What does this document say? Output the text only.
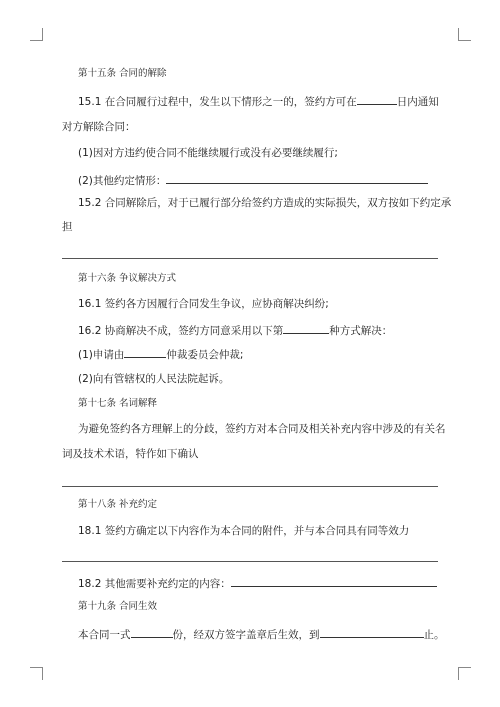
第十五条 合同的解除

15.1 在合同履行过程中，发生以下情形之一的，签约方可在	日内通知

对方解除合同：

(1)因对方违约使合同不能继续履行或没有必要继续履行;

(2)其他约定情形：

15.2 合同解除后，对于已履行部分给签约方造成的实际损失，双方按如下约定承

担

第十六条 争议解决方式

16.1 签约各方因履行合同发生争议，应协商解决纠纷;

16.2 协商解决不成，签约方同意采用以下第	种方式解决：

(1)申请由	仲裁委员会仲裁;

(2)向有管辖权的人民法院起诉。

第十七条 名词解释

为避免签约各方理解上的分歧，签约方对本合同及相关补充内容中涉及的有关名

词及技术术语，特作如下确认

第十八条 补充约定

18.1 签约方确定以下内容作为本合同的附件，并与本合同具有同等效力

18.2 其他需要补充约定的内容：

第十九条 合同生效

本合同一式	份，经双方签字盖章后生效，到	止。
